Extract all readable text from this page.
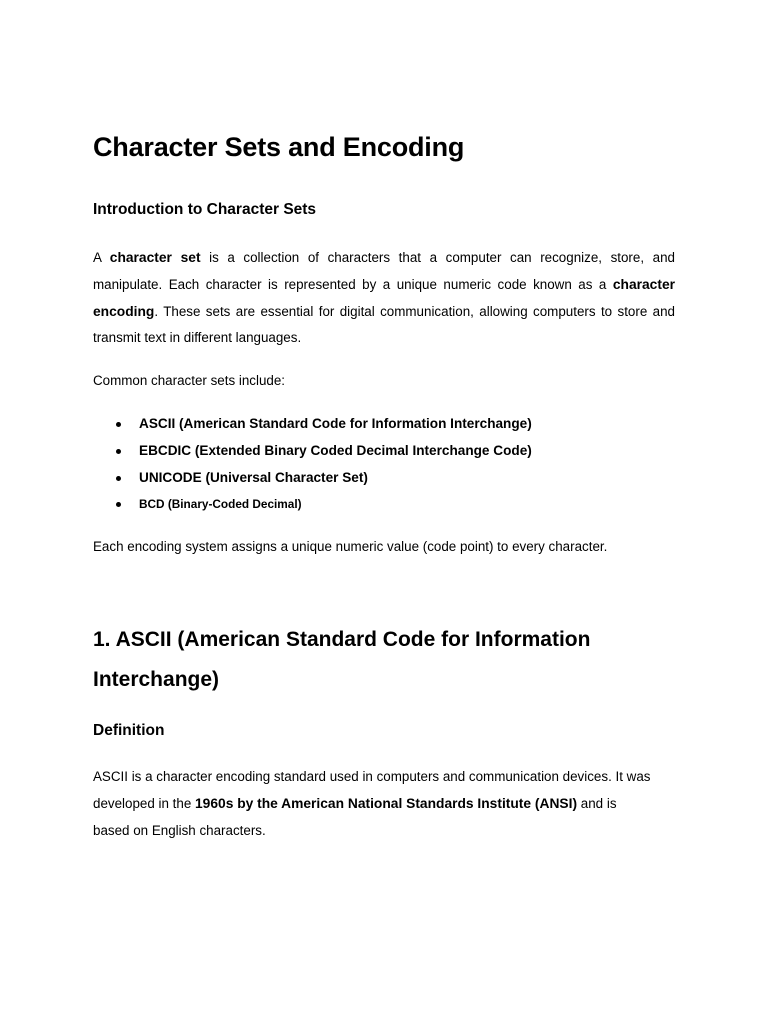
Character Sets and Encoding
Introduction to Character Sets

A character set is a collection of characters that a computer can recognize, store, and manipulate. Each character is represented by a unique numeric code known as a character encoding. These sets are essential for digital communication, allowing computers to store and transmit text in different languages.

Common character sets include:

ASCII (American Standard Code for Information Interchange)
EBCDIC (Extended Binary Coded Decimal Interchange Code)
UNICODE (Universal Character Set)
BCD (Binary-Coded Decimal)

Each encoding system assigns a unique numeric value (code point) to every character.

1. ASCII (American Standard Code for Information Interchange)
Definition

ASCII is a character encoding standard used in computers and communication devices. It was developed in the 1960s by the American National Standards Institute (ANSI) and is based on English characters.
